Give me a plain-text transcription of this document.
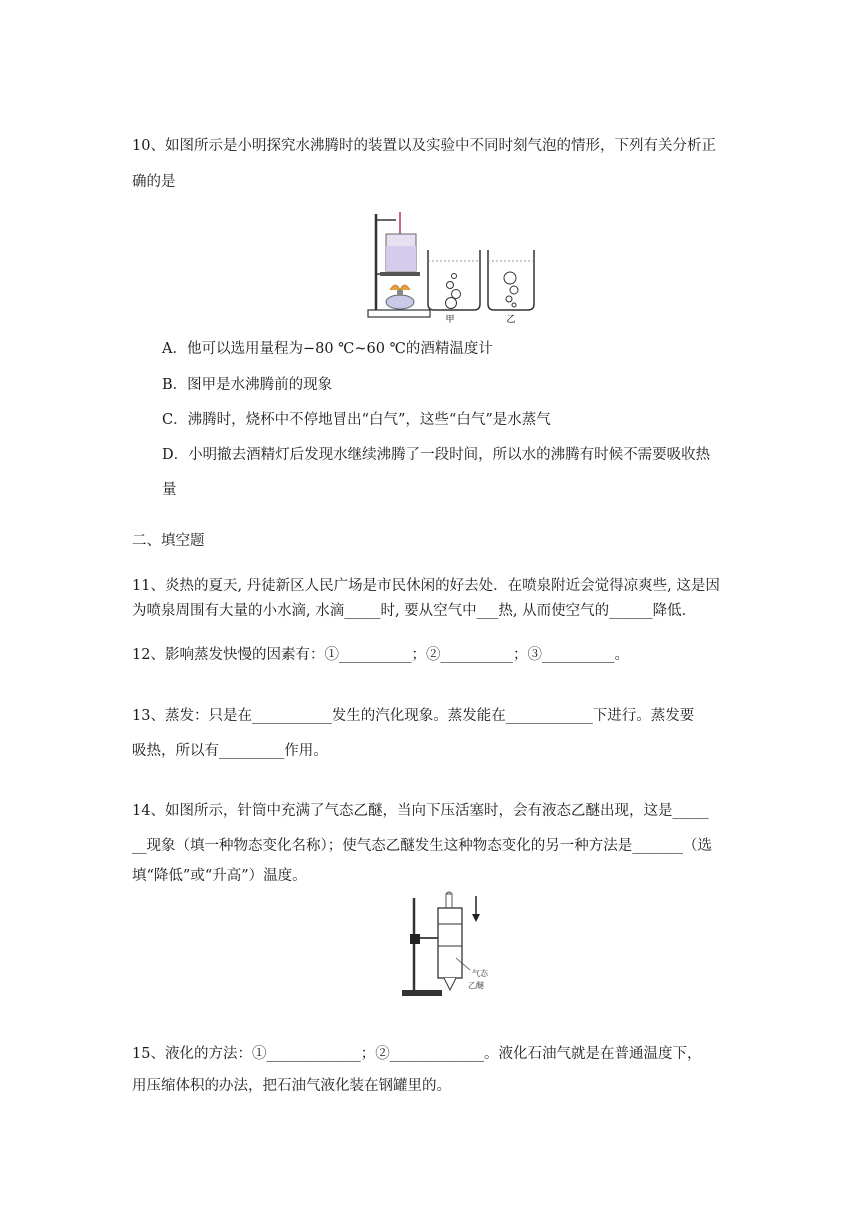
10、如图所示是小明探究水沸腾时的装置以及实验中不同时刻气泡的情形，下列有关分析正
确的是
甲	乙
A．他可以选用量程为−80 ℃~60 ℃的酒精温度计
B．图甲是水沸腾前的现象
C．沸腾时，烧杯中不停地冒出“白气”，这些“白气”是水蒸气
D．小明撤去酒精灯后发现水继续沸腾了一段时间，所以水的沸腾有时候不需要吸收热
量
二、填空题
11、炎热的夏天, 丹徒新区人民广场是市民休闲的好去处．在喷泉附近会觉得凉爽些, 这是因
为喷泉周围有大量的小水滴, 水滴_____时, 要从空气中___热, 从而使空气的______降低．
12、影响蒸发快慢的因素有：①__________；②__________；③__________。
13、蒸发：只是在___________发生的汽化现象。蒸发能在____________下进行。蒸发要
吸热，所以有_________作用。
14、如图所示，针筒中充满了气态乙醚，当向下压活塞时，会有液态乙醚出现，这是_____
__现象（填一种物态变化名称）；使气态乙醚发生这种物态变化的另一种方法是_______（选
填“降低”或“升高”）温度。
气态
乙醚
15、液化的方法：①_____________；②_____________。液化石油气就是在普通温度下，
用压缩体积的办法，把石油气液化装在钢罐里的。
